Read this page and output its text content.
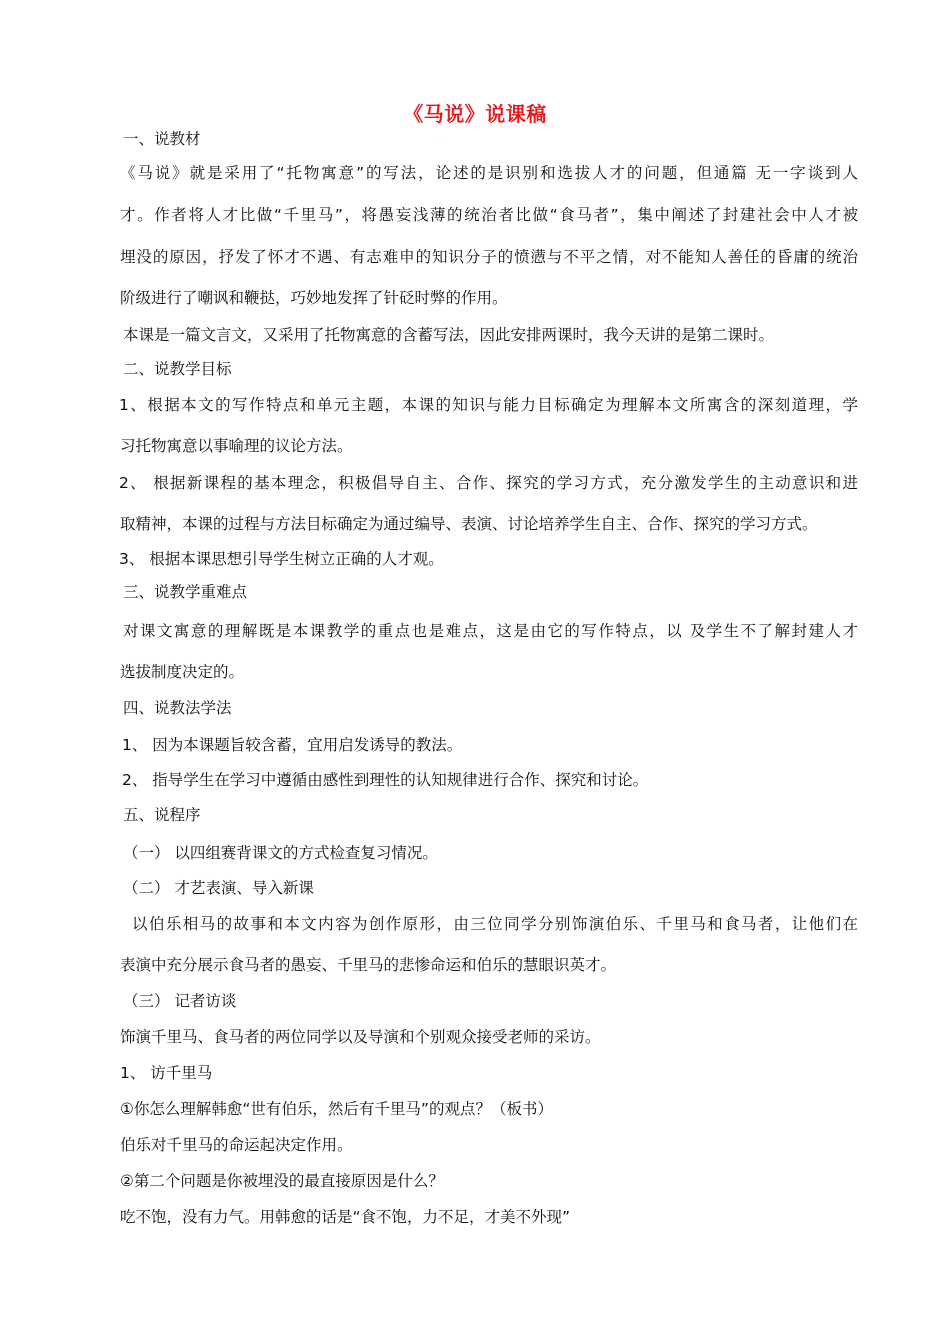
《马说》说课稿
一、说教材
《马说》就是采用了“托物寓意”的写法，论述的是识别和选拔人才的问题，但通篇 无一字谈到人
才。作者将人才比做“千里马”，将愚妄浅薄的统治者比做“食马者”，集中阐述了封建社会中人才被
埋没的原因，抒发了怀才不遇、有志难申的知识分子的愤懑与不平之情，对不能知人善任的昏庸的统治
阶级进行了嘲讽和鞭挞，巧妙地发挥了针砭时弊的作用。
本课是一篇文言文，又采用了托物寓意的含蓄写法，因此安排两课时，我今天讲的是第二课时。
二、说教学目标
1、根据本文的写作特点和单元主题，本课的知识与能力目标确定为理解本文所寓含的深刻道理，学
习托物寓意以事喻理的议论方法。
2、 根据新课程的基本理念，积极倡导自主、合作、探究的学习方式，充分激发学生的主动意识和进
取精神，本课的过程与方法目标确定为通过编导、表演、讨论培养学生自主、合作、探究的学习方式。
3、 根据本课思想引导学生树立正确的人才观。
三、说教学重难点
对课文寓意的理解既是本课教学的重点也是难点，这是由它的写作特点，以 及学生不了解封建人才
选拔制度决定的。
四、说教法学法
1、 因为本课题旨较含蓄，宜用启发诱导的教法。
2、 指导学生在学习中遵循由感性到理性的认知规律进行合作、探究和讨论。
五、说程序
（一） 以四组赛背课文的方式检查复习情况。
（二） 才艺表演、导入新课
以伯乐相马的故事和本文内容为创作原形，由三位同学分别饰演伯乐、千里马和食马者，让他们在
表演中充分展示食马者的愚妄、千里马的悲惨命运和伯乐的慧眼识英才。
（三） 记者访谈
饰演千里马、食马者的两位同学以及导演和个别观众接受老师的采访。
1、 访千里马
①你怎么理解韩愈“世有伯乐，然后有千里马”的观点？（板书）
伯乐对千里马的命运起决定作用。
②第二个问题是你被埋没的最直接原因是什么？
吃不饱，没有力气。用韩愈的话是“食不饱，力不足，才美不外现”
